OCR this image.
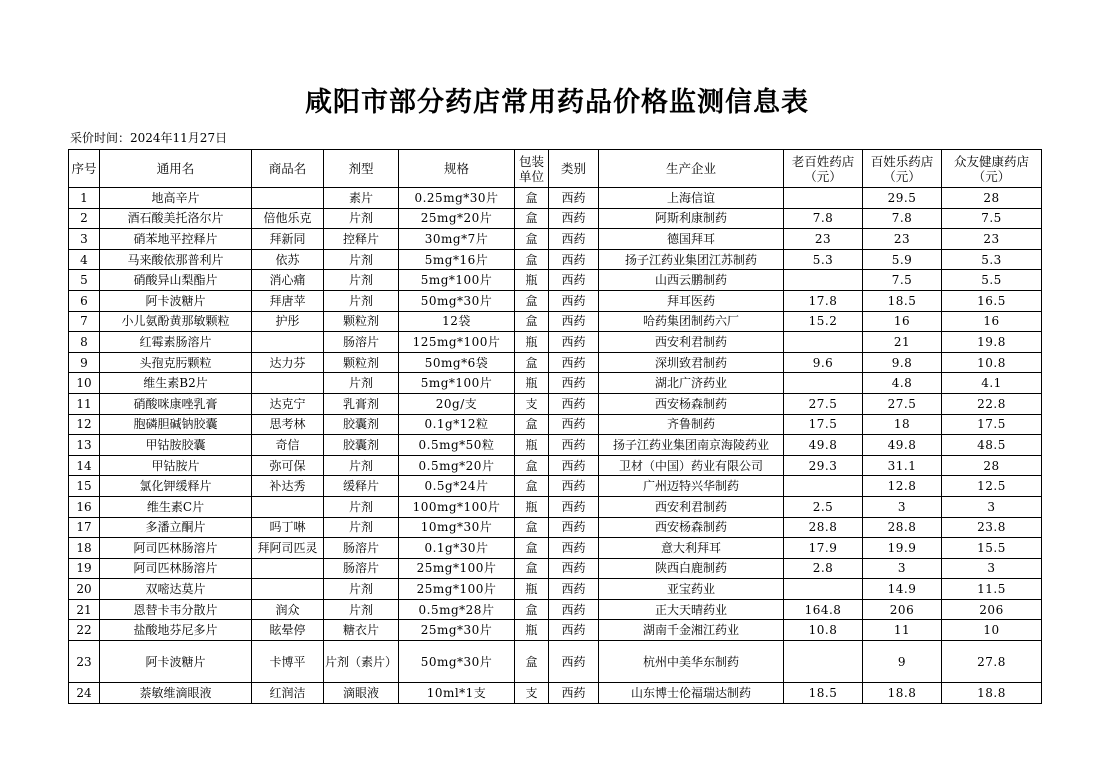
咸阳市部分药店常用药品价格监测信息表
采价时间：2024年11月27日
序号	通用名	商品名	剂型	规格	包装单位	类别	生产企业	老百姓药店（元）	百姓乐药店（元）	众友健康药店（元）
1	地高辛片		素片	0.25mg*30片	盒	西药	上海信谊		29.5	28
2	酒石酸美托洛尔片	倍他乐克	片剂	25mg*20片	盒	西药	阿斯利康制药	7.8	7.8	7.5
3	硝苯地平控释片	拜新同	控释片	30mg*7片	盒	西药	德国拜耳	23	23	23
4	马来酸依那普利片	依苏	片剂	5mg*16片	盒	西药	扬子江药业集团江苏制药	5.3	5.9	5.3
5	硝酸异山梨酯片	消心痛	片剂	5mg*100片	瓶	西药	山西云鹏制药		7.5	5.5
6	阿卡波糖片	拜唐苹	片剂	50mg*30片	盒	西药	拜耳医药	17.8	18.5	16.5
7	小儿氨酚黄那敏颗粒	护彤	颗粒剂	12袋	盒	西药	哈药集团制药六厂	15.2	16	16
8	红霉素肠溶片		肠溶片	125mg*100片	瓶	西药	西安利君制药		21	19.8
9	头孢克肟颗粒	达力芬	颗粒剂	50mg*6袋	盒	西药	深圳致君制药	9.6	9.8	10.8
10	维生素B2片		片剂	5mg*100片	瓶	西药	湖北广济药业		4.8	4.1
11	硝酸咪康唑乳膏	达克宁	乳膏剂	20g/支	支	西药	西安杨森制药	27.5	27.5	22.8
12	胞磷胆碱钠胶囊	思考林	胶囊剂	0.1g*12粒	盒	西药	齐鲁制药	17.5	18	17.5
13	甲钴胺胶囊	奇信	胶囊剂	0.5mg*50粒	瓶	西药	扬子江药业集团南京海陵药业	49.8	49.8	48.5
14	甲钴胺片	弥可保	片剂	0.5mg*20片	盒	西药	卫材（中国）药业有限公司	29.3	31.1	28
15	氯化钾缓释片	补达秀	缓释片	0.5g*24片	盒	西药	广州迈特兴华制药		12.8	12.5
16	维生素C片		片剂	100mg*100片	瓶	西药	西安利君制药	2.5	3	3
17	多潘立酮片	吗丁啉	片剂	10mg*30片	盒	西药	西安杨森制药	28.8	28.8	23.8
18	阿司匹林肠溶片	拜阿司匹灵	肠溶片	0.1g*30片	盒	西药	意大利拜耳	17.9	19.9	15.5
19	阿司匹林肠溶片		肠溶片	25mg*100片	盒	西药	陕西白鹿制药	2.8	3	3
20	双嘧达莫片		片剂	25mg*100片	瓶	西药	亚宝药业		14.9	11.5
21	恩替卡韦分散片	润众	片剂	0.5mg*28片	盒	西药	正大天晴药业	164.8	206	206
22	盐酸地芬尼多片	眩晕停	糖衣片	25mg*30片	瓶	西药	湖南千金湘江药业	10.8	11	10
23	阿卡波糖片	卡博平	片剂（素片）	50mg*30片	盒	西药	杭州中美华东制药		9	27.8
24	萘敏维滴眼液	红润洁	滴眼液	10ml*1支	支	西药	山东博士伦福瑞达制药	18.5	18.8	18.8
